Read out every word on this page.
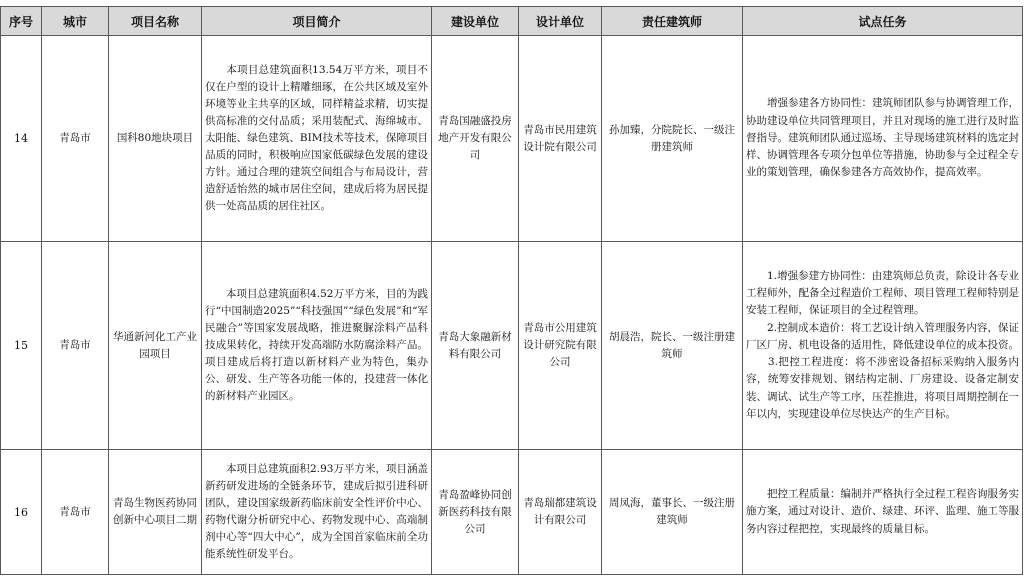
序号	城市	项目名称	项目简介	建设单位	设计单位	责任建筑师	试点任务
14	青岛市	国科80地块项目	　　本项目总建筑面积13.54万平方米，项目不仅在户型的设计上精雕细琢，在公共区域及室外环境等业主共享的区域，同样精益求精，切实提供高标准的交付品质；采用装配式、海绵城市、太阳能、绿色建筑、BIM技术等技术，保障项目品质的同时，积极响应国家低碳绿色发展的建设方针。通过合理的建筑空间组合与布局设计，营造舒适怡然的城市居住空间，建成后将为居民提供一处高品质的居住社区。	青岛国融盛投房地产开发有限公司	青岛市民用建筑设计院有限公司	孙加臻，分院院长、一级注册建筑师	　　增强参建各方协同性：建筑师团队参与协调管理工作，协助建设单位共同管理项目，并且对现场的施工进行及时监督指导。建筑师团队通过巡场、主导现场建筑材料的选定封样、协调管理各专项分包单位等措施，协助参与全过程全专业的策划管理，确保参建各方高效协作，提高效率。
15	青岛市	华通新河化工产业园项目	　　本项目总建筑面积4.52万平方米，目的为践行“中国制造2025”“科技强国”“绿色发展”和“军民融合”等国家发展战略，推进聚脲涂料产品科技成果转化，持续开发高端防水防腐涂料产品。项目建成后将打造以新材料产业为特色，集办公、研发、生产等各功能一体的，投建营一体化的新材料产业园区。	青岛大象融新材料有限公司	青岛市公用建筑设计研究院有限公司	胡晨浩，院长、一级注册建筑师	　　1.增强参建方协同性：由建筑师总负责，除设计各专业工程师外，配备全过程造价工程师、项目管理工程师特别是安装工程师，保证项目的全过程管理。
　　2.控制成本造价：将工艺设计纳入管理服务内容，保证厂区厂房、机电设备的适用性，降低建设单位的成本投资。
　　3.把控工程进度：将不涉密设备招标采购纳入服务内容，统筹安排规划、钢结构定制、厂房建设、设备定制安装、调试、试生产等工序，压茬推进，将项目周期控制在一年以内，实现建设单位尽快达产的生产目标。
16	青岛市	青岛生物医药协同创新中心项目二期	　　本项目总建筑面积2.93万平方米，项目涵盖新药研发进场的全链条环节，建成后拟引进科研团队，建设国家级新药临床前安全性评价中心、药物代谢分析研究中心、药物发现中心、高端制剂中心等“四大中心”，成为全国首家临床前全功能系统性研发平台。	青岛盈峰协同创新医药科技有限公司	青岛瑞都建筑设计有限公司	周凤海，董事长、一级注册建筑师	　　把控工程质量：编制并严格执行全过程工程咨询服务实施方案，通过对设计、造价、绿建、环评、监理、施工等服务内容过程把控，实现最终的质量目标。
